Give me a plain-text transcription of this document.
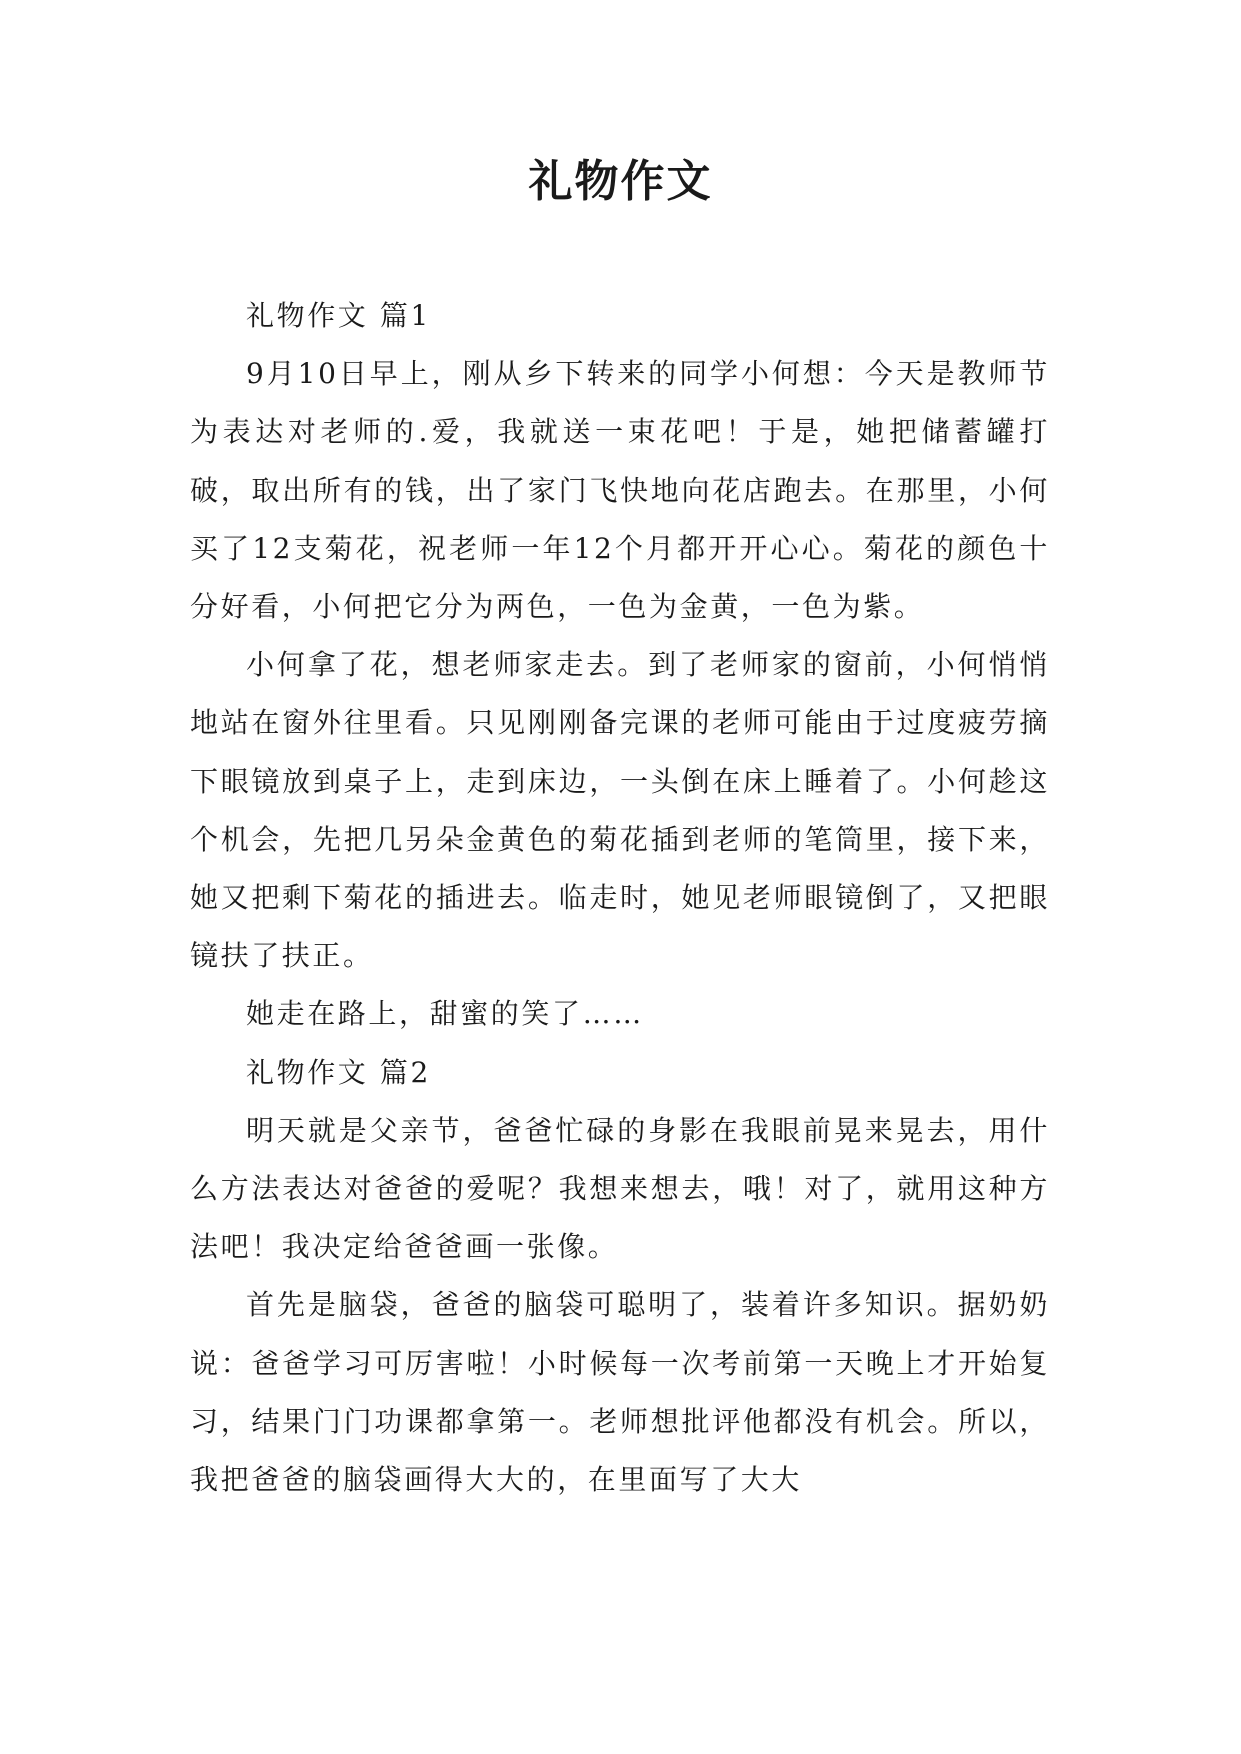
礼物作文

礼物作文 篇1

9月10日早上，刚从乡下转来的同学小何想：今天是教师节为表达对老师的.爱，我就送一束花吧！于是，她把储蓄罐打破，取出所有的钱，出了家门飞快地向花店跑去。在那里，小何买了12支菊花，祝老师一年12个月都开开心心。菊花的颜色十分好看，小何把它分为两色，一色为金黄，一色为紫。

小何拿了花，想老师家走去。到了老师家的窗前，小何悄悄地站在窗外往里看。只见刚刚备完课的老师可能由于过度疲劳摘下眼镜放到桌子上，走到床边，一头倒在床上睡着了。小何趁这个机会，先把几另朵金黄色的菊花插到老师的笔筒里，接下来，她又把剩下菊花的插进去。临走时，她见老师眼镜倒了，又把眼镜扶了扶正。

她走在路上，甜蜜的笑了……

礼物作文 篇2

明天就是父亲节，爸爸忙碌的身影在我眼前晃来晃去，用什么方法表达对爸爸的爱呢？我想来想去，哦！对了，就用这种方法吧！我决定给爸爸画一张像。

首先是脑袋，爸爸的脑袋可聪明了，装着许多知识。据奶奶说：爸爸学习可厉害啦！小时候每一次考前第一天晚上才开始复习，结果门门功课都拿第一。老师想批评他都没有机会。所以，我把爸爸的脑袋画得大大的，在里面写了大大
